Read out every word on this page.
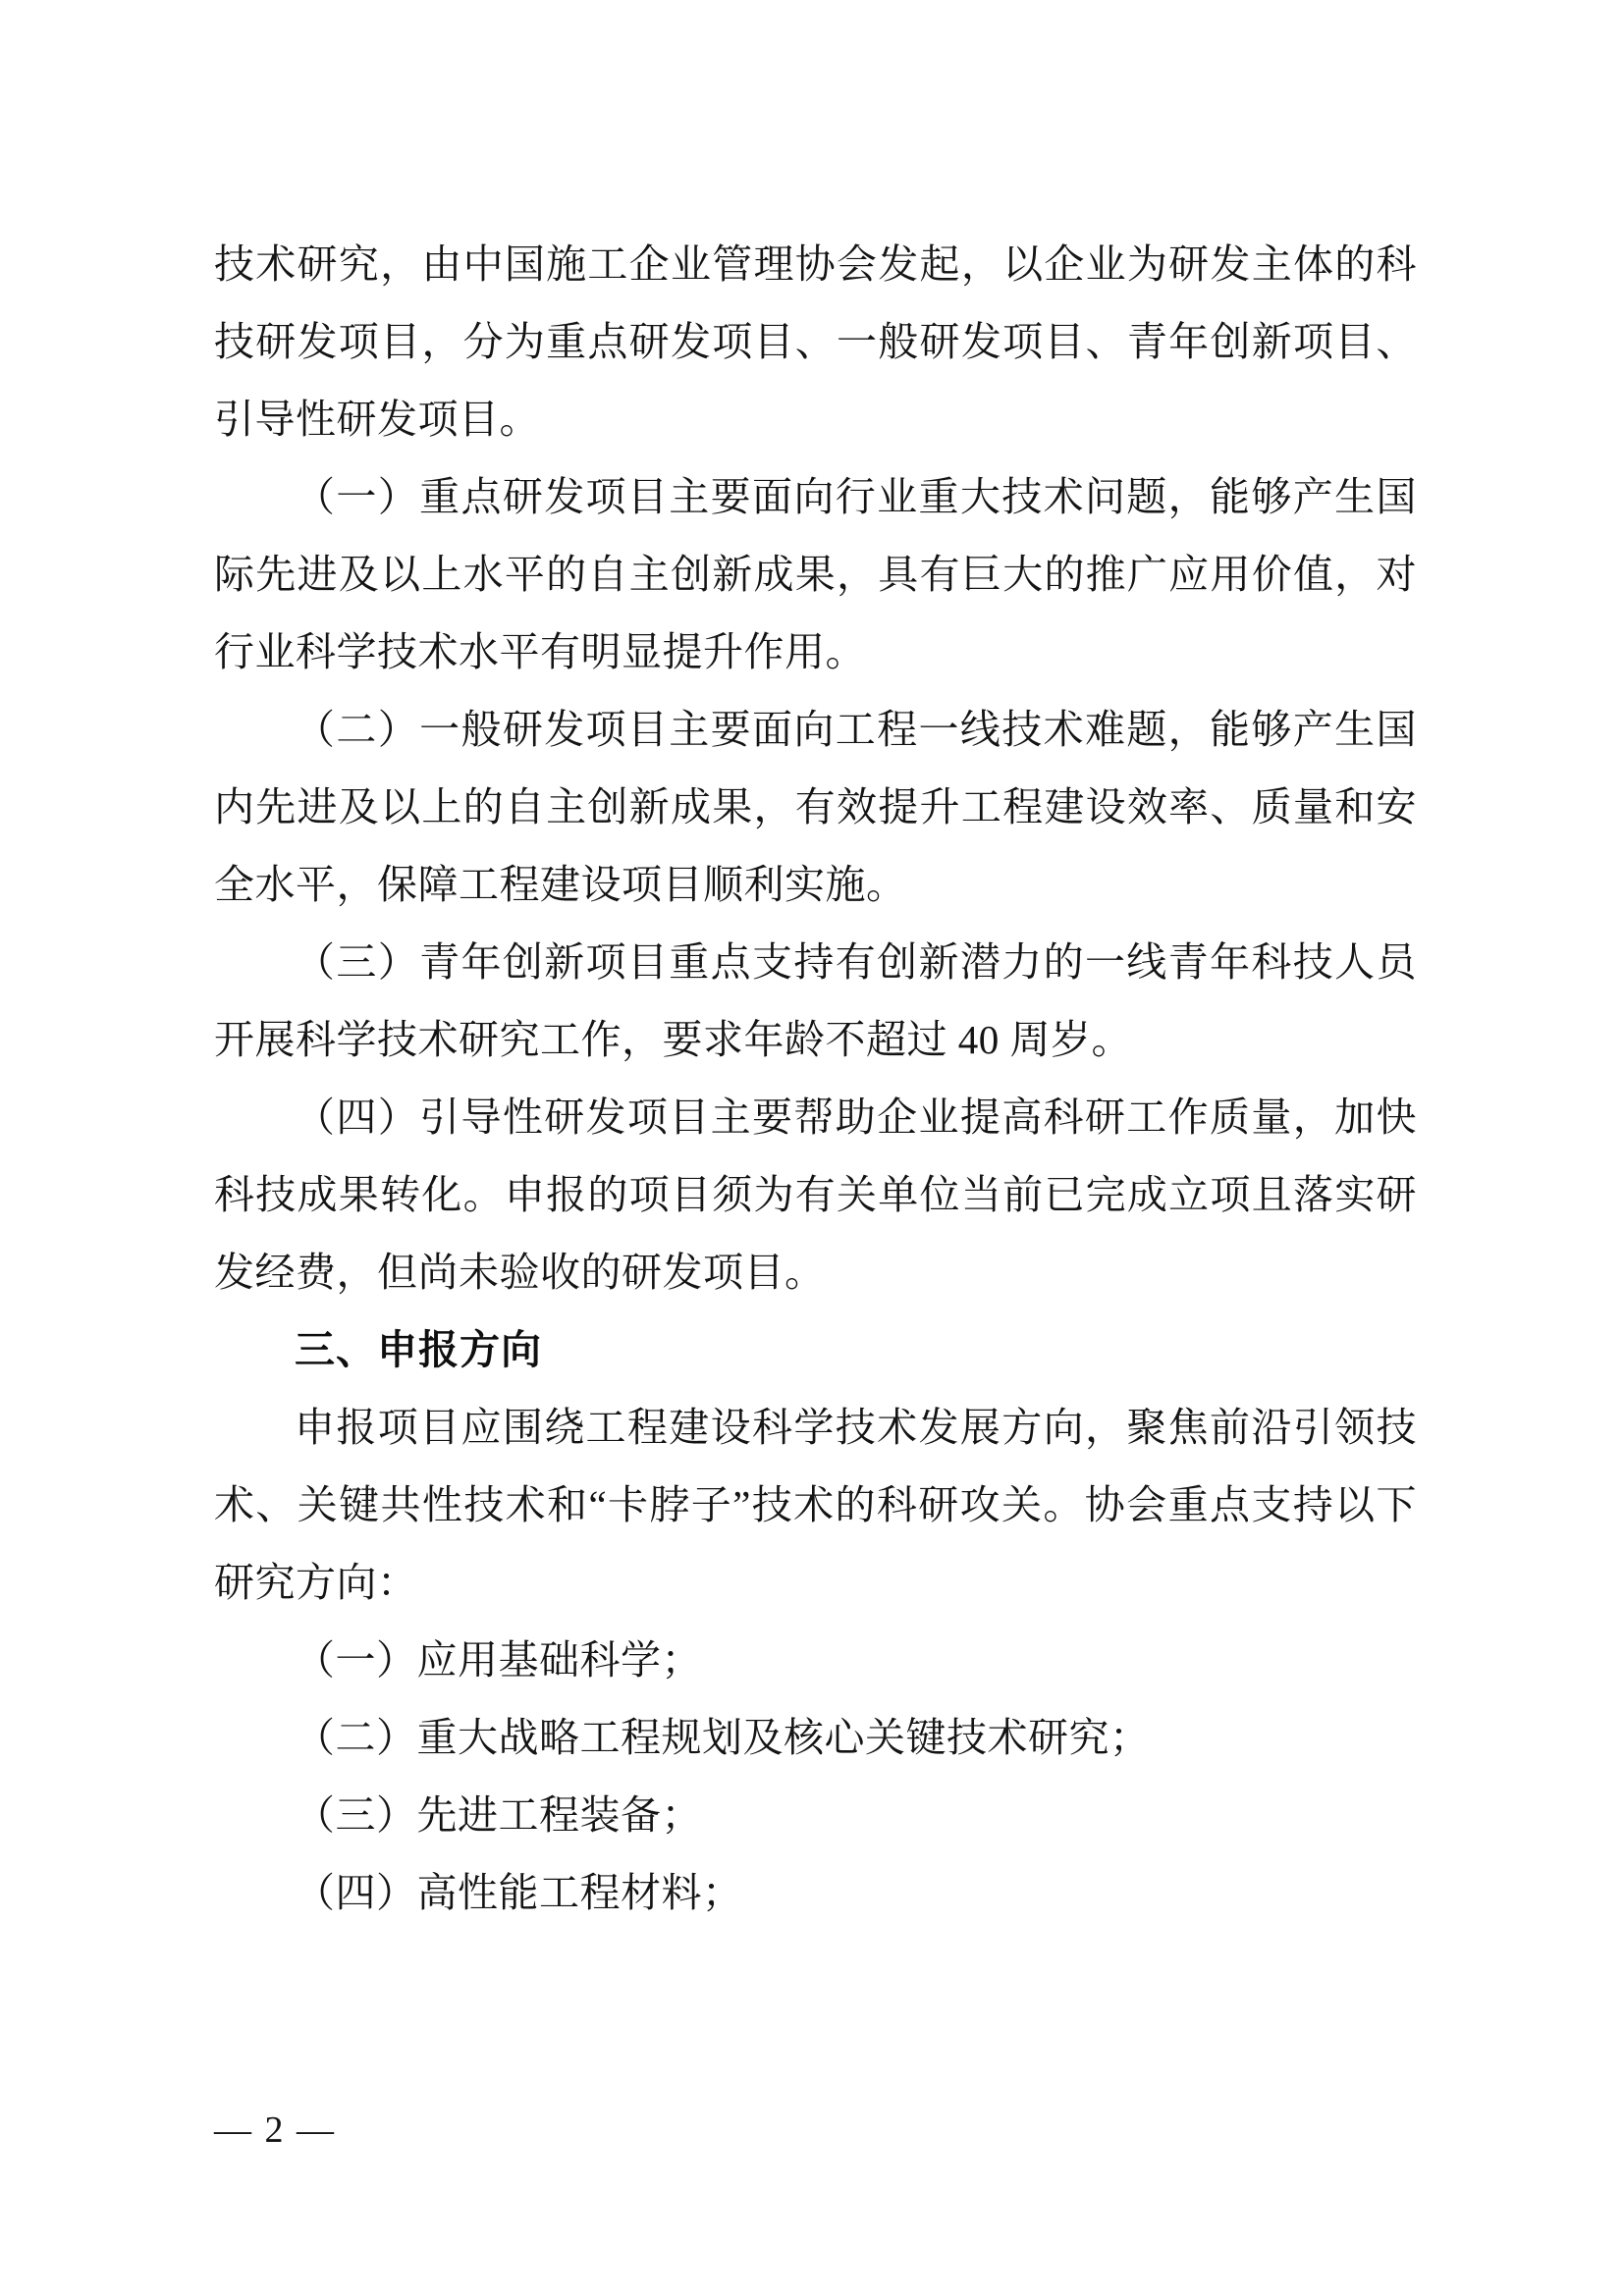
技术研究，由中国施工企业管理协会发起，以企业为研发主体的科技研发项目，分为重点研发项目、一般研发项目、青年创新项目、引导性研发项目。

（一）重点研发项目主要面向行业重大技术问题，能够产生国际先进及以上水平的自主创新成果，具有巨大的推广应用价值，对行业科学技术水平有明显提升作用。

（二）一般研发项目主要面向工程一线技术难题，能够产生国内先进及以上的自主创新成果，有效提升工程建设效率、质量和安全水平，保障工程建设项目顺利实施。

（三）青年创新项目重点支持有创新潜力的一线青年科技人员开展科学技术研究工作，要求年龄不超过 40 周岁。

（四）引导性研发项目主要帮助企业提高科研工作质量，加快科技成果转化。申报的项目须为有关单位当前已完成立项且落实研发经费，但尚未验收的研发项目。

三、申报方向

申报项目应围绕工程建设科学技术发展方向，聚焦前沿引领技术、关键共性技术和“卡脖子”技术的科研攻关。协会重点支持以下研究方向：

（一）应用基础科学；

（二）重大战略工程规划及核心关键技术研究；

（三）先进工程装备；

（四）高性能工程材料；

— 2 —
